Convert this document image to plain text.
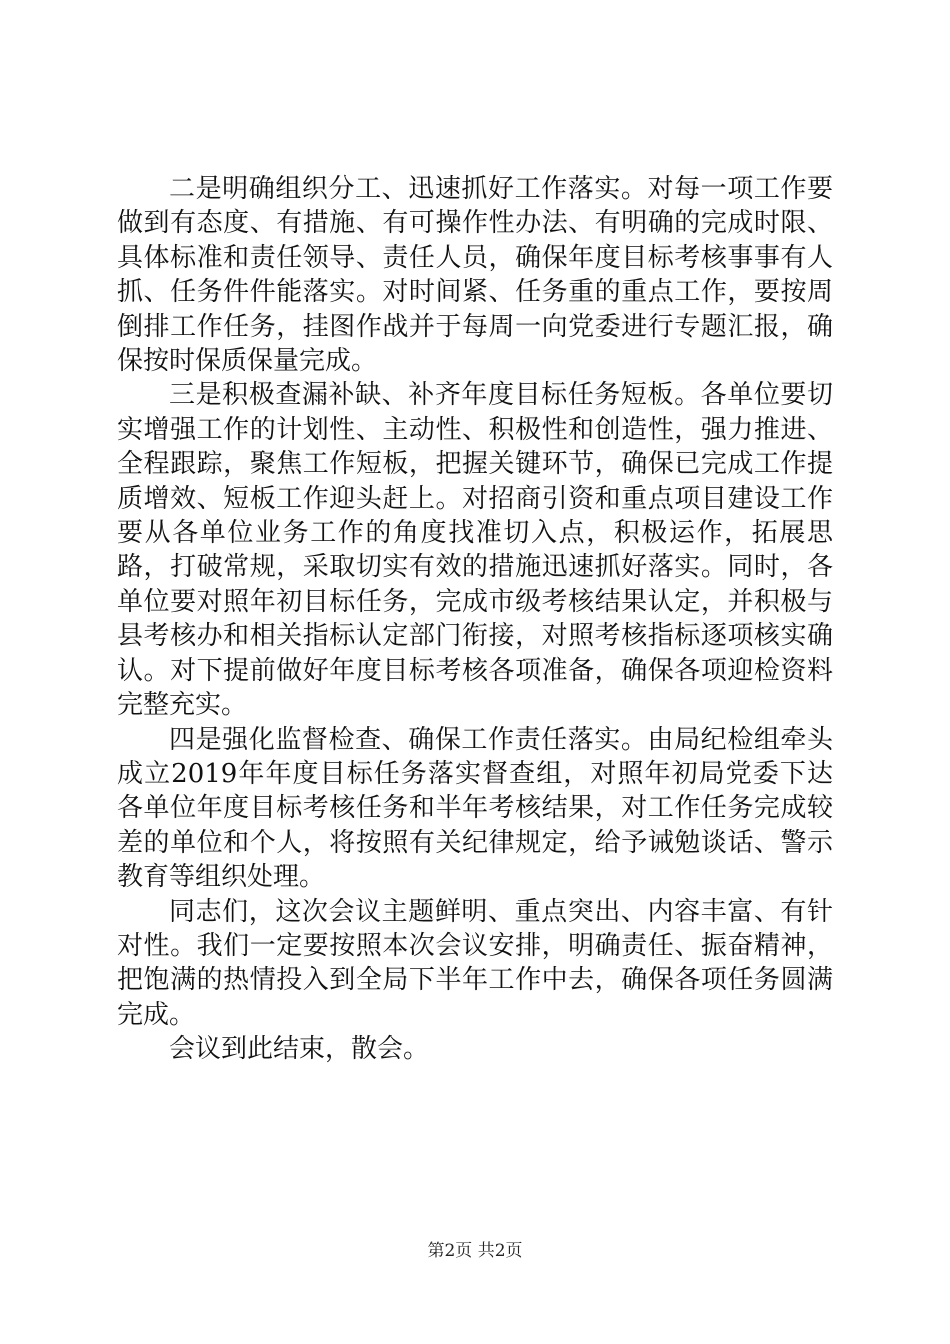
二是明确组织分工、迅速抓好工作落实。对每一项工作要做到有态度、有措施、有可操作性办法、有明确的完成时限、具体标准和责任领导、责任人员，确保年度目标考核事事有人抓、任务件件能落实。对时间紧、任务重的重点工作，要按周倒排工作任务，挂图作战并于每周一向党委进行专题汇报，确保按时保质保量完成。

三是积极查漏补缺、补齐年度目标任务短板。各单位要切实增强工作的计划性、主动性、积极性和创造性，强力推进、全程跟踪，聚焦工作短板，把握关键环节，确保已完成工作提质增效、短板工作迎头赶上。对招商引资和重点项目建设工作要从各单位业务工作的角度找准切入点，积极运作，拓展思路，打破常规，采取切实有效的措施迅速抓好落实。同时，各单位要对照年初目标任务，完成市级考核结果认定，并积极与县考核办和相关指标认定部门衔接，对照考核指标逐项核实确认。对下提前做好年度目标考核各项准备，确保各项迎检资料完整充实。

四是强化监督检查、确保工作责任落实。由局纪检组牵头成立2019年年度目标任务落实督查组，对照年初局党委下达各单位年度目标考核任务和半年考核结果，对工作任务完成较差的单位和个人，将按照有关纪律规定，给予诫勉谈话、警示教育等组织处理。

同志们，这次会议主题鲜明、重点突出、内容丰富、有针对性。我们一定要按照本次会议安排，明确责任、振奋精神，把饱满的热情投入到全局下半年工作中去，确保各项任务圆满完成。

会议到此结束，散会。

第2页 共2页
